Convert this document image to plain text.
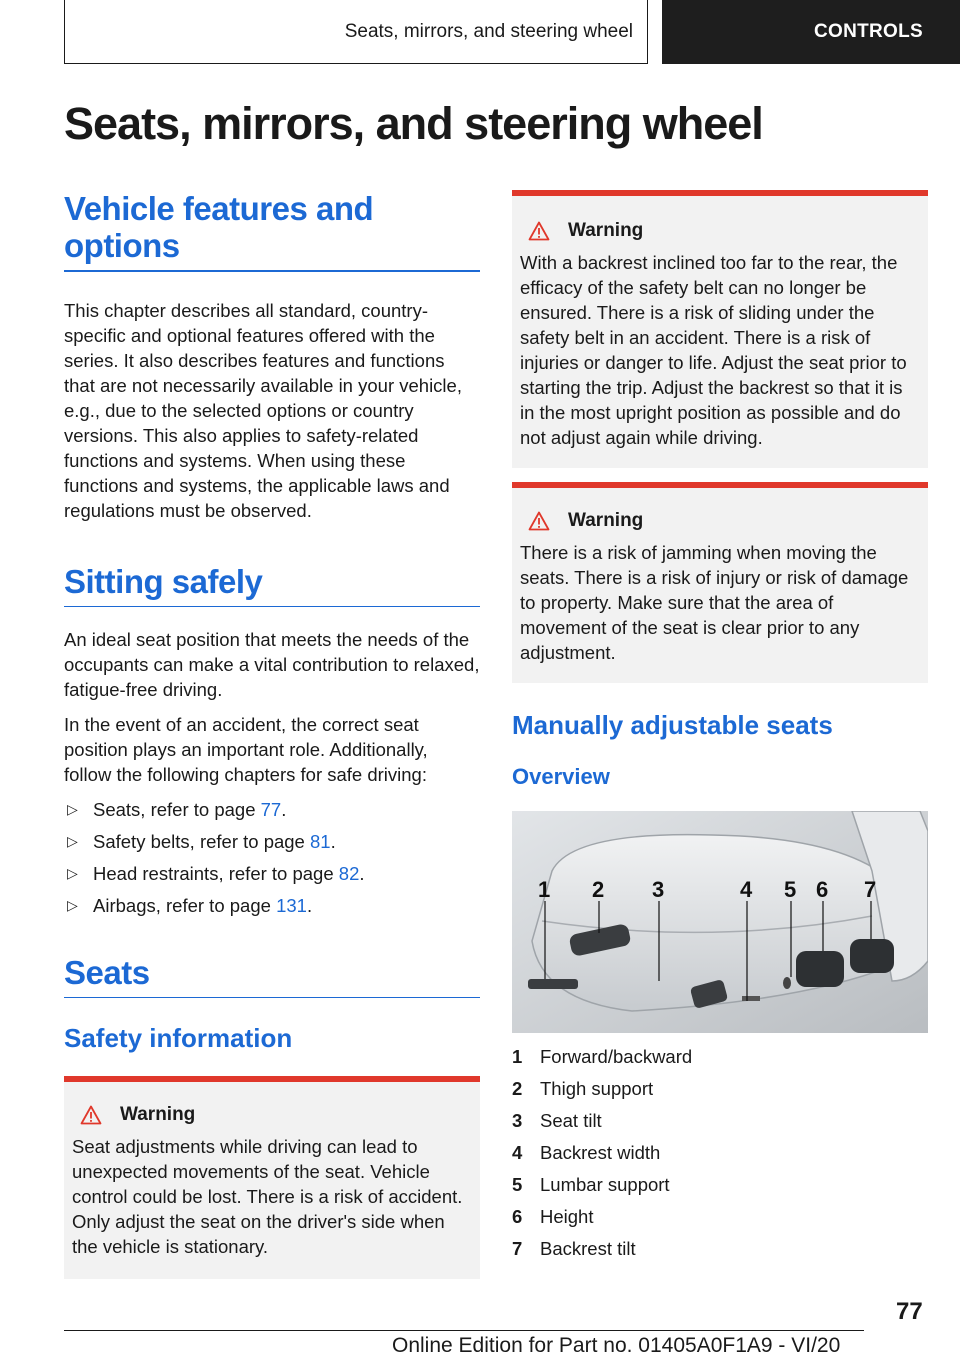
Seats, mirrors, and steering wheel	CONTROLS
Seats, mirrors, and steering wheel
Vehicle features and options

This chapter describes all standard, country-specific and optional features offered with the series. It also describes features and functions that are not necessarily available in your vehicle, e.g., due to the selected options or country versions. This also applies to safety-related functions and systems. When using these functions and systems, the applicable laws and regulations must be observed.

Sitting safely

An ideal seat position that meets the needs of the occupants can make a vital contribution to relaxed, fatigue-free driving.

In the event of an accident, the correct seat position plays an important role. Additionally, follow the following chapters for safe driving:

▷ Seats, refer to page 77.
▷ Safety belts, refer to page 81.
▷ Head restraints, refer to page 82.
▷ Airbags, refer to page 131.
Seats
Safety information
Warning

Seat adjustments while driving can lead to unexpected movements of the seat. Vehicle control could be lost. There is a risk of accident. Only adjust the seat on the driver's side when the vehicle is stationary.

Warning

With a backrest inclined too far to the rear, the efficacy of the safety belt can no longer be ensured. There is a risk of sliding under the safety belt in an accident. There is a risk of injuries or danger to life. Adjust the seat prior to starting the trip. Adjust the backrest so that it is in the most upright position as possible and do not adjust again while driving.

Warning

There is a risk of jamming when moving the seats. There is a risk of injury or risk of damage to property. Make sure that the area of movement of the seat is clear prior to any adjustment.

Manually adjustable seats
Overview
1 2 3	4 5 6 7
1 Forward/backward
2 Thigh support
3 Seat tilt
4 Backrest width
5 Lumbar support
6 Height
7 Backrest tilt
77
Online Edition for Part no. 01405A0F1A9 - VI/20
